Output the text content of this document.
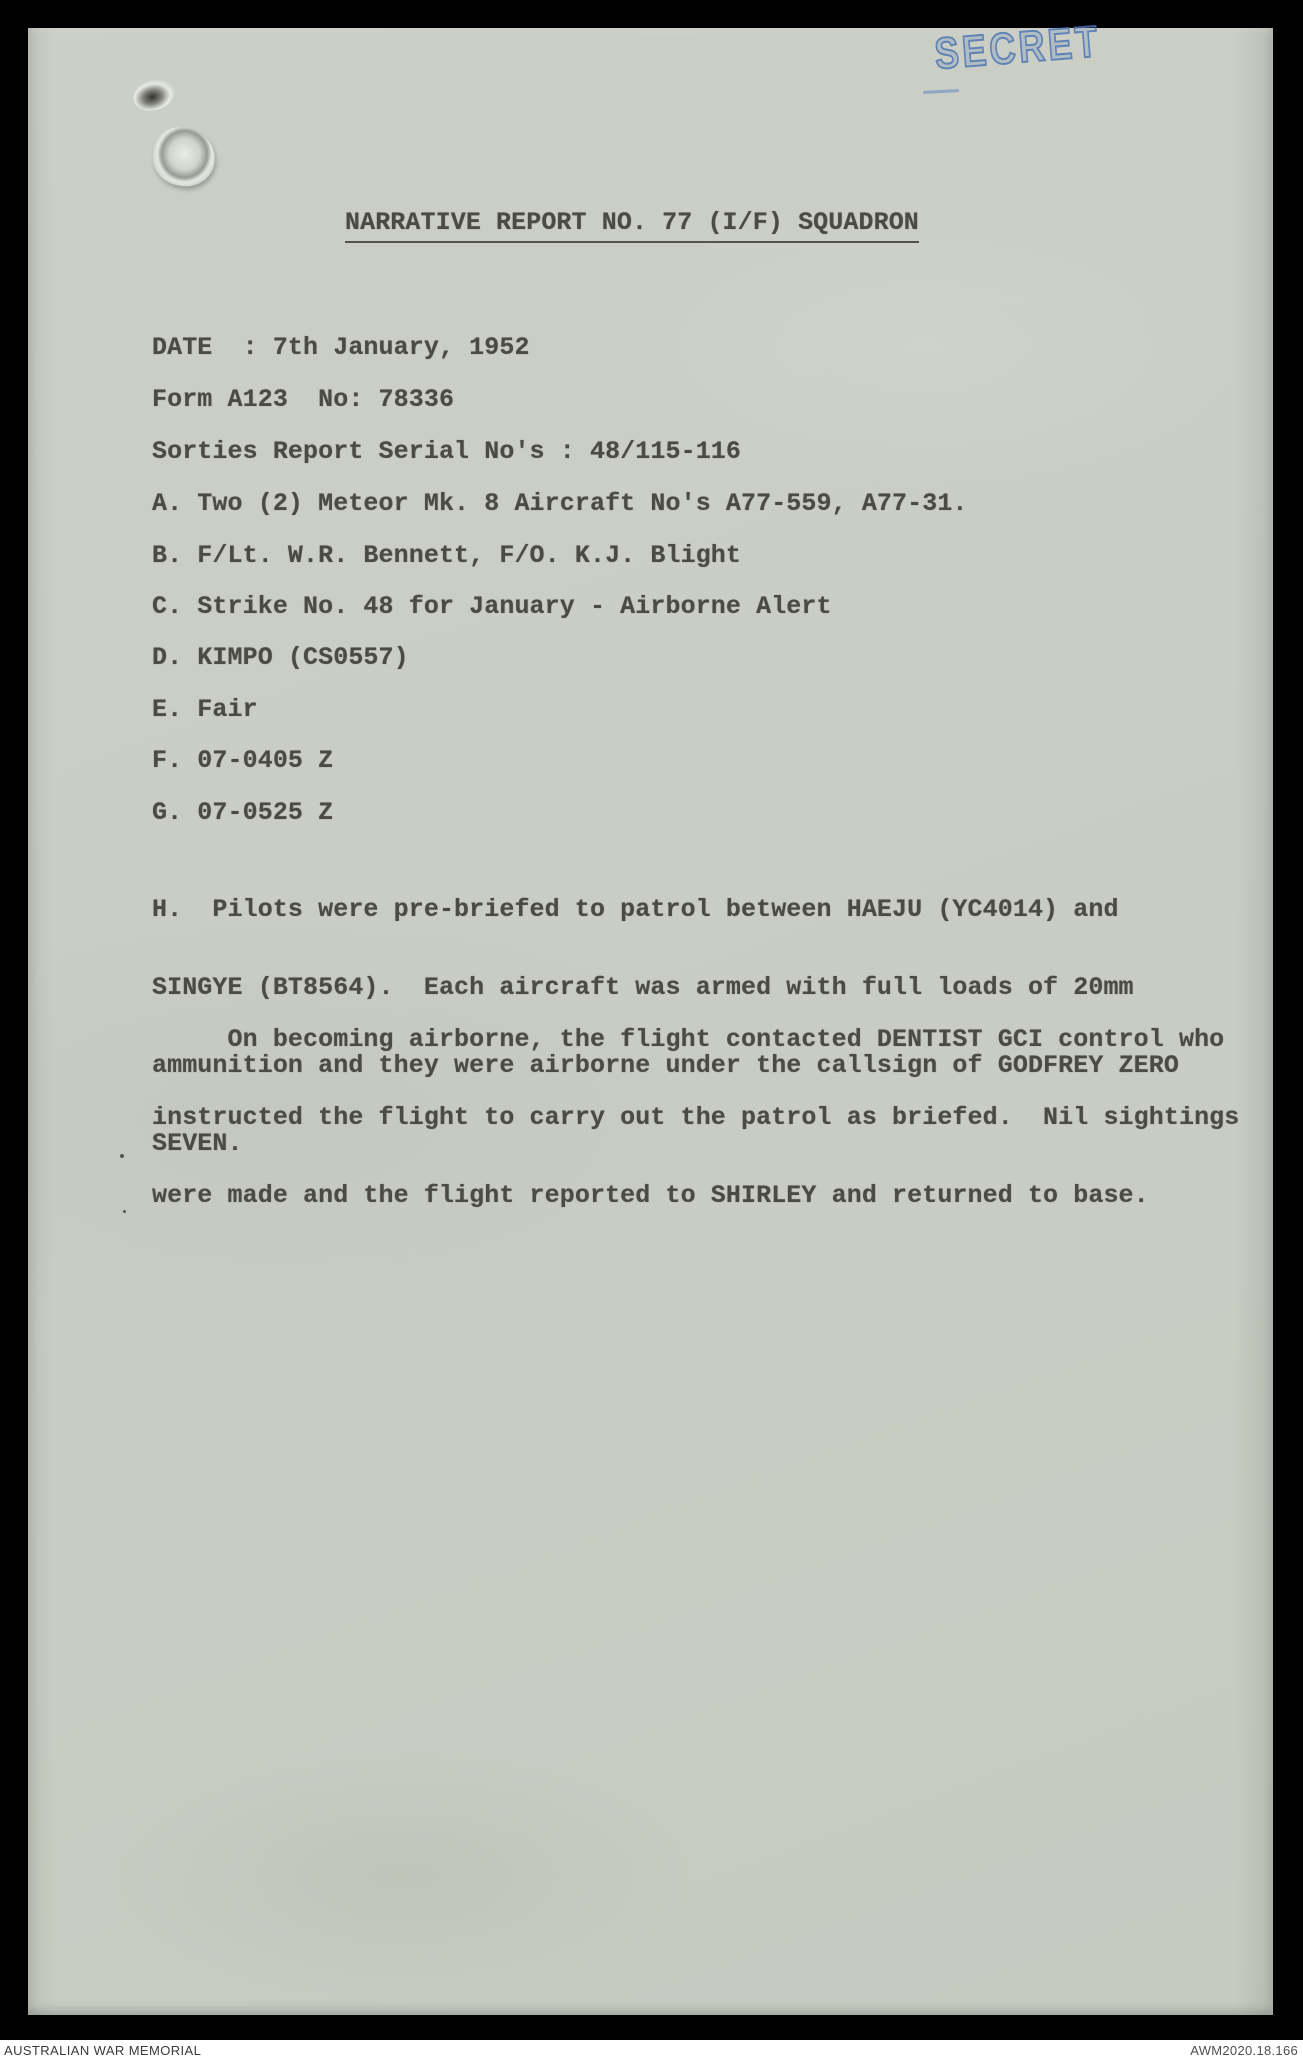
SECRET
NARRATIVE REPORT NO. 77 (I/F) SQUADRON
DATE  : 7th January, 1952
Form A123  No: 78336
Sorties Report Serial No's : 48/115-116
A. Two (2) Meteor Mk. 8 Aircraft No's A77-559, A77-31.
B. F/Lt. W.R. Bennett, F/O. K.J. Blight
C. Strike No. 48 for January - Airborne Alert
D. KIMPO (CS0557)
E. Fair
F. 07-0405 Z
G. 07-0525 Z

H.  Pilots were pre-briefed to patrol between HAEJU (YC4014) and

SINGYE (BT8564).  Each aircraft was armed with full loads of 20mm

ammunition and they were airborne under the callsign of GODFREY ZERO

SEVEN.

On becoming airborne, the flight contacted DENTIST GCI control who

instructed the flight to carry out the patrol as briefed.  Nil sightings

were made and the flight reported to SHIRLEY and returned to base.

AUSTRALIAN WAR MEMORIAL	AWM2020.18.166
